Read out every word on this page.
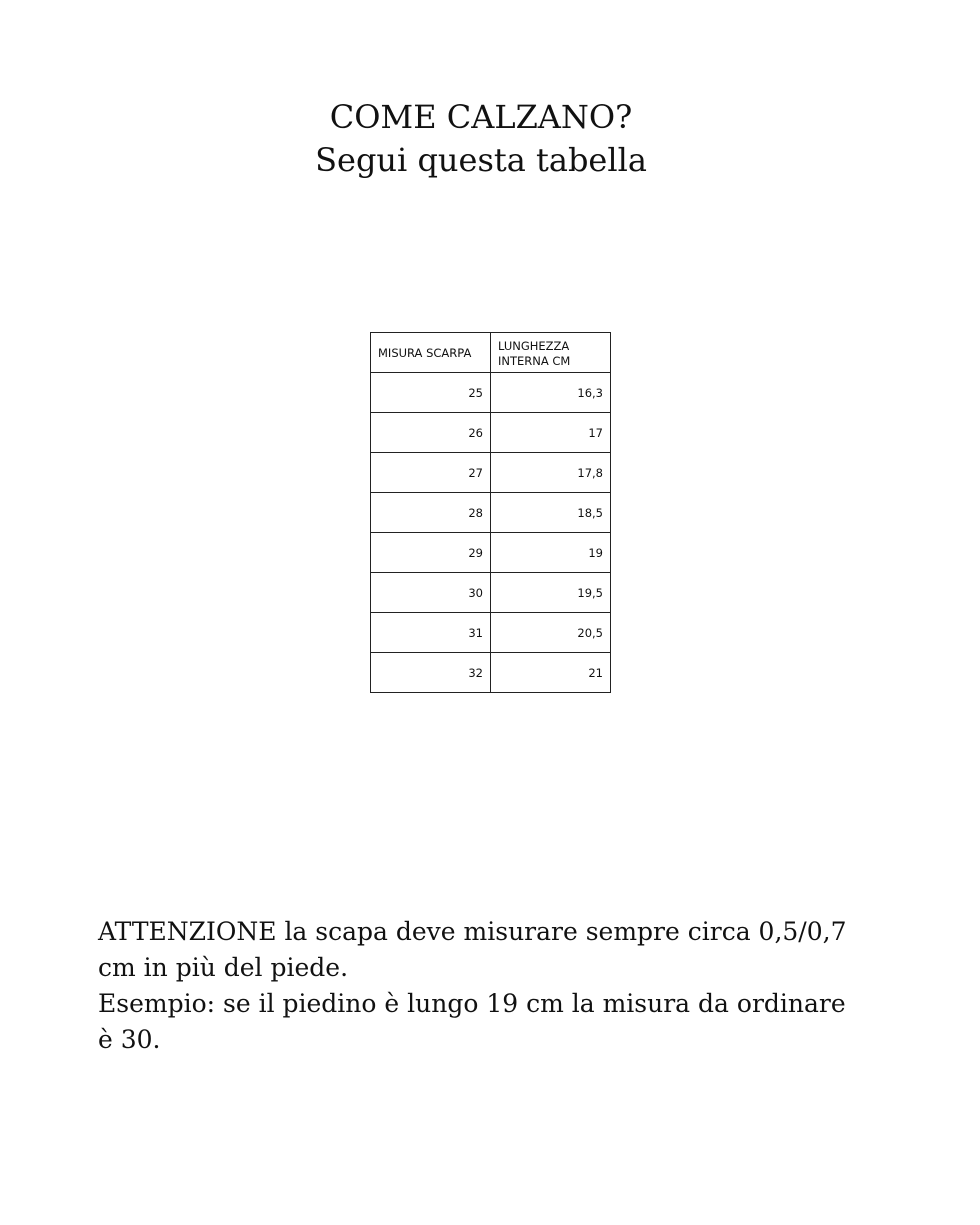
COME CALZANO?
Segui questa tabella
MISURA SCARPA	LUNGHEZZA INTERNA CM
25	16,3
26	17
27	17,8
28	18,5
29	19
30	19,5
31	20,5
32	21

ATTENZIONE la scapa deve misurare sempre circa 0,5/0,7 cm in più del piede.
Esempio: se il piedino è lungo 19 cm la misura da ordinare è 30.
